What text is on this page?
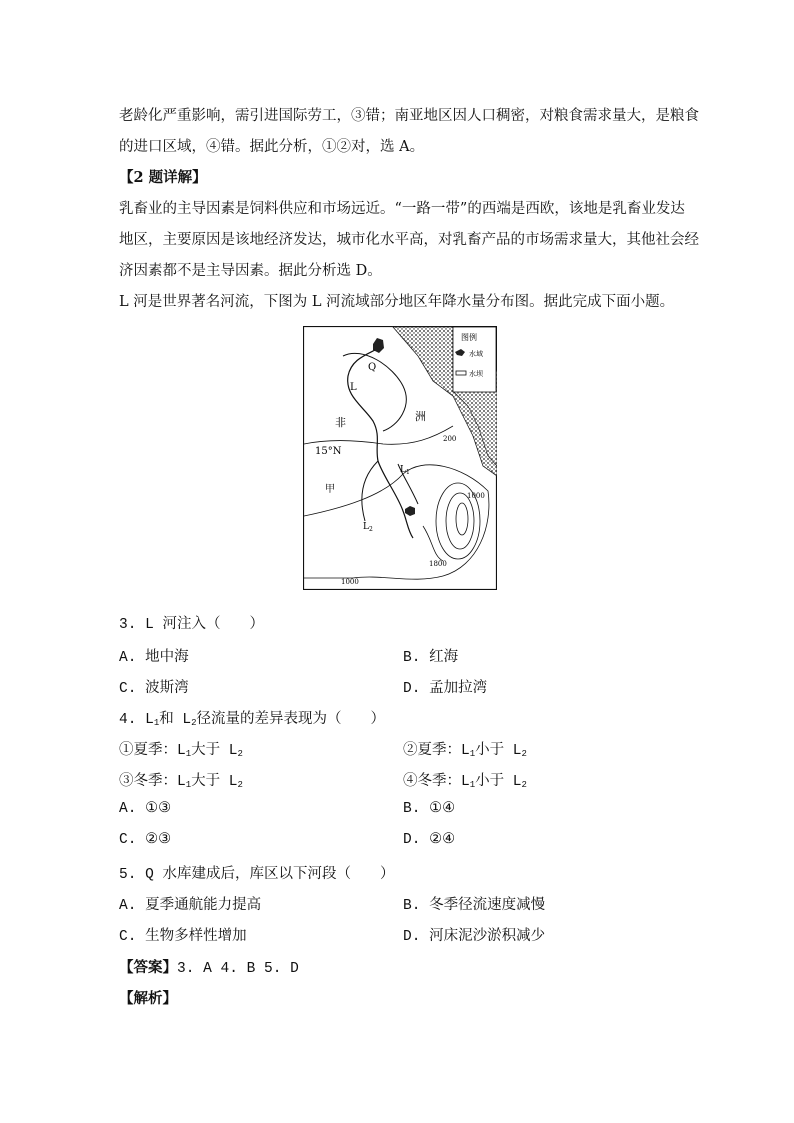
老龄化严重影响，需引进国际劳工，③错；南亚地区因人口稠密，对粮食需求量大，是粮食
的进口区域，④错。据此分析，①②对，选 A。
【2 题详解】
乳畜业的主导因素是饲料供应和市场远近。“一路一带”的西端是西欧，该地是乳畜业发达
地区，主要原因是该地经济发达，城市化水平高，对乳畜产品的市场需求量大，其他社会经
济因素都不是主导因素。据此分析选 D。
L 河是世界著名河流，下图为 L 河流域部分地区年降水量分布图。据此完成下面小题。
图例
水域
水坝
Q
L
$L_1$
$L_2$
非	洲
15°N
甲
200
1000
1800
1000
3. L 河注入（　　）
A. 地中海	B. 红海
C. 波斯湾	D. 孟加拉湾
4. $L_1$和 $L_2$径流量的差异表现为（　　）
①夏季：$L_1$大于 $L_2$	②夏季：$L_1$小于 $L_2$
③冬季：$L_1$大于 $L_2$	④冬季：$L_1$小于 $L_2$
A. ①③	B. ①④
C. ②③	D. ②④
5. Q 水库建成后，库区以下河段（　　）
A. 夏季通航能力提高	B. 冬季径流速度减慢
C. 生物多样性增加	D. 河床泥沙淤积减少
【答案】3. A 4. B 5. D
【解析】
